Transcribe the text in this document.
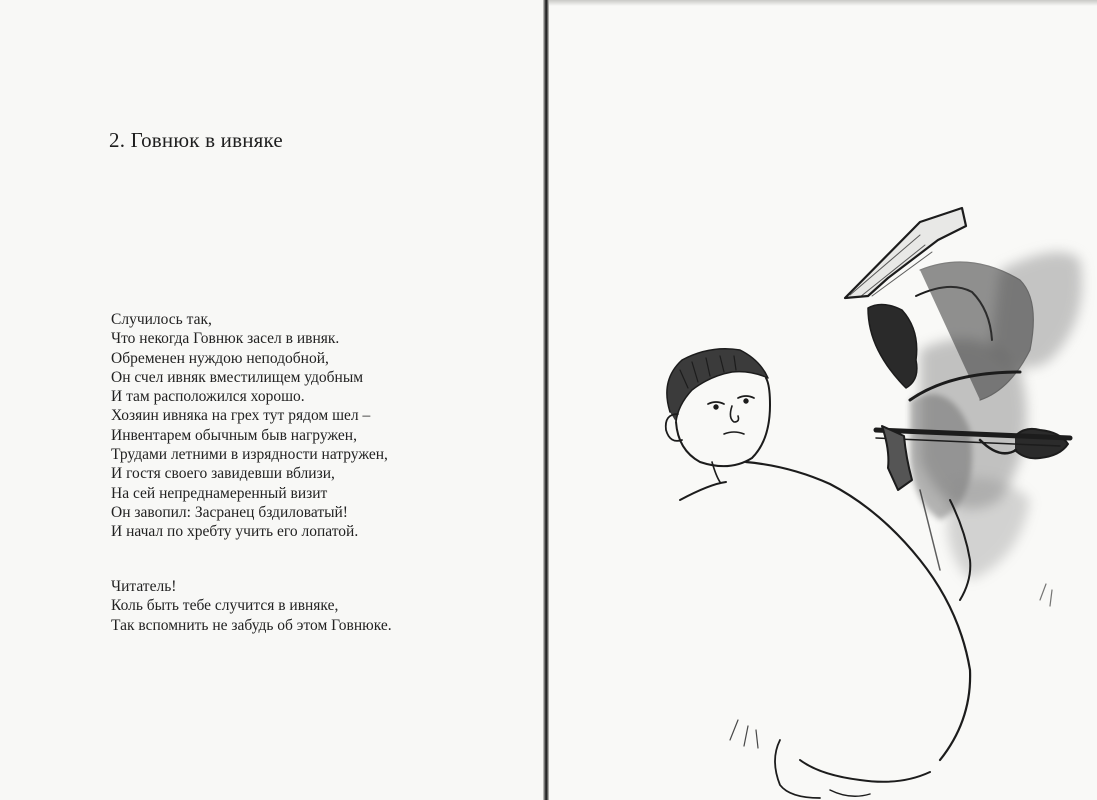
2. Говнюк в ивняке
Случилось так,
Что некогда Говнюк засел в ивняк.
Обременен нуждою неподобной,
Он счел ивняк вместилищем удобным
И там расположился хорошо.
Хозяин ивняка на грех тут рядом шел –
Инвентарем обычным быв нагружен,
Трудами летними в изрядности натружен,
И гостя своего завидевши вблизи,
На сей непреднамеренный визит
Он завопил: Засранец бздиловатый!
И начал по хребту учить его лопатой.
Читатель!
Коль быть тебе случится в ивняке,
Так вспомнить не забудь об этом Говнюке.
